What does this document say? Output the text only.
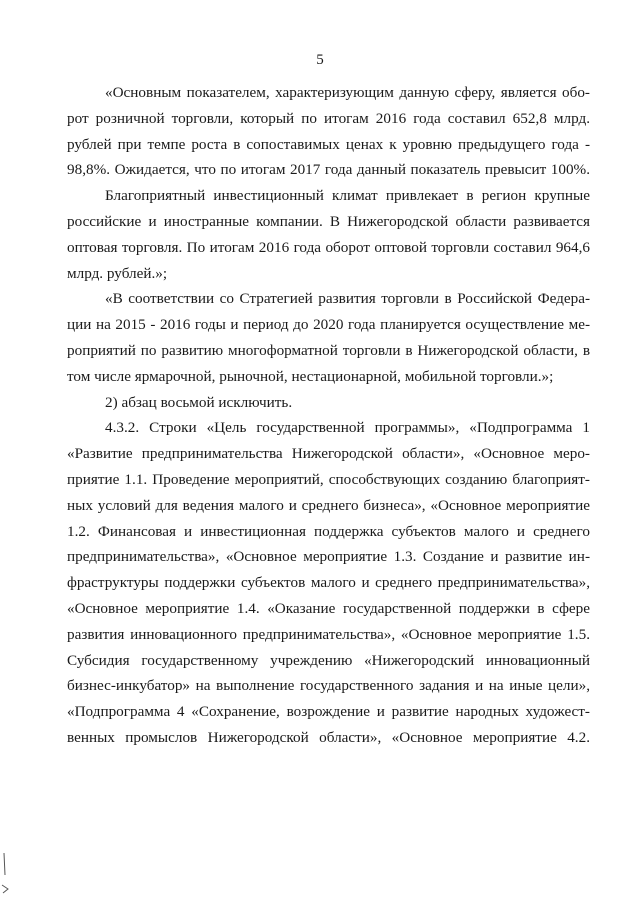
5
«Основным показателем, характеризующим данную сферу, является обо-
рот розничной торговли, который по итогам 2016 года составил 652,8 млрд.
рублей при темпе роста в сопоставимых ценах к уровню предыдущего года -
98,8%. Ожидается, что по итогам 2017 года данный показатель превысит 100%.
Благоприятный инвестиционный климат привлекает в регион крупные
российские и иностранные компании. В Нижегородской области развивается
оптовая торговля. По итогам 2016 года оборот оптовой торговли составил 964,6
млрд. рублей.»;
«В соответствии со Стратегией развития торговли в Российской Федера-
ции на 2015 - 2016 годы и период до 2020 года планируется осуществление ме-
роприятий по развитию многоформатной торговли в Нижегородской области, в
том числе ярмарочной, рыночной, нестационарной, мобильной торговли.»;
2) абзац восьмой исключить.
4.3.2. Строки «Цель государственной программы», «Подпрограмма 1
«Развитие предпринимательства Нижегородской области», «Основное меро-
приятие 1.1. Проведение мероприятий, способствующих созданию благоприят-
ных условий для ведения малого и среднего бизнеса», «Основное мероприятие
1.2. Финансовая и инвестиционная поддержка субъектов малого и среднего
предпринимательства», «Основное мероприятие 1.3. Создание и развитие ин-
фраструктуры поддержки субъектов малого и среднего предпринимательства»,
«Основное мероприятие 1.4. «Оказание государственной поддержки в сфере
развития инновационного предпринимательства», «Основное мероприятие 1.5.
Субсидия государственному учреждению «Нижегородский инновационный
бизнес-инкубатор» на выполнение государственного задания и на иные цели»,
«Подпрограмма 4 «Сохранение, возрождение и развитие народных художест-
венных промыслов Нижегородской области», «Основное мероприятие 4.2.
